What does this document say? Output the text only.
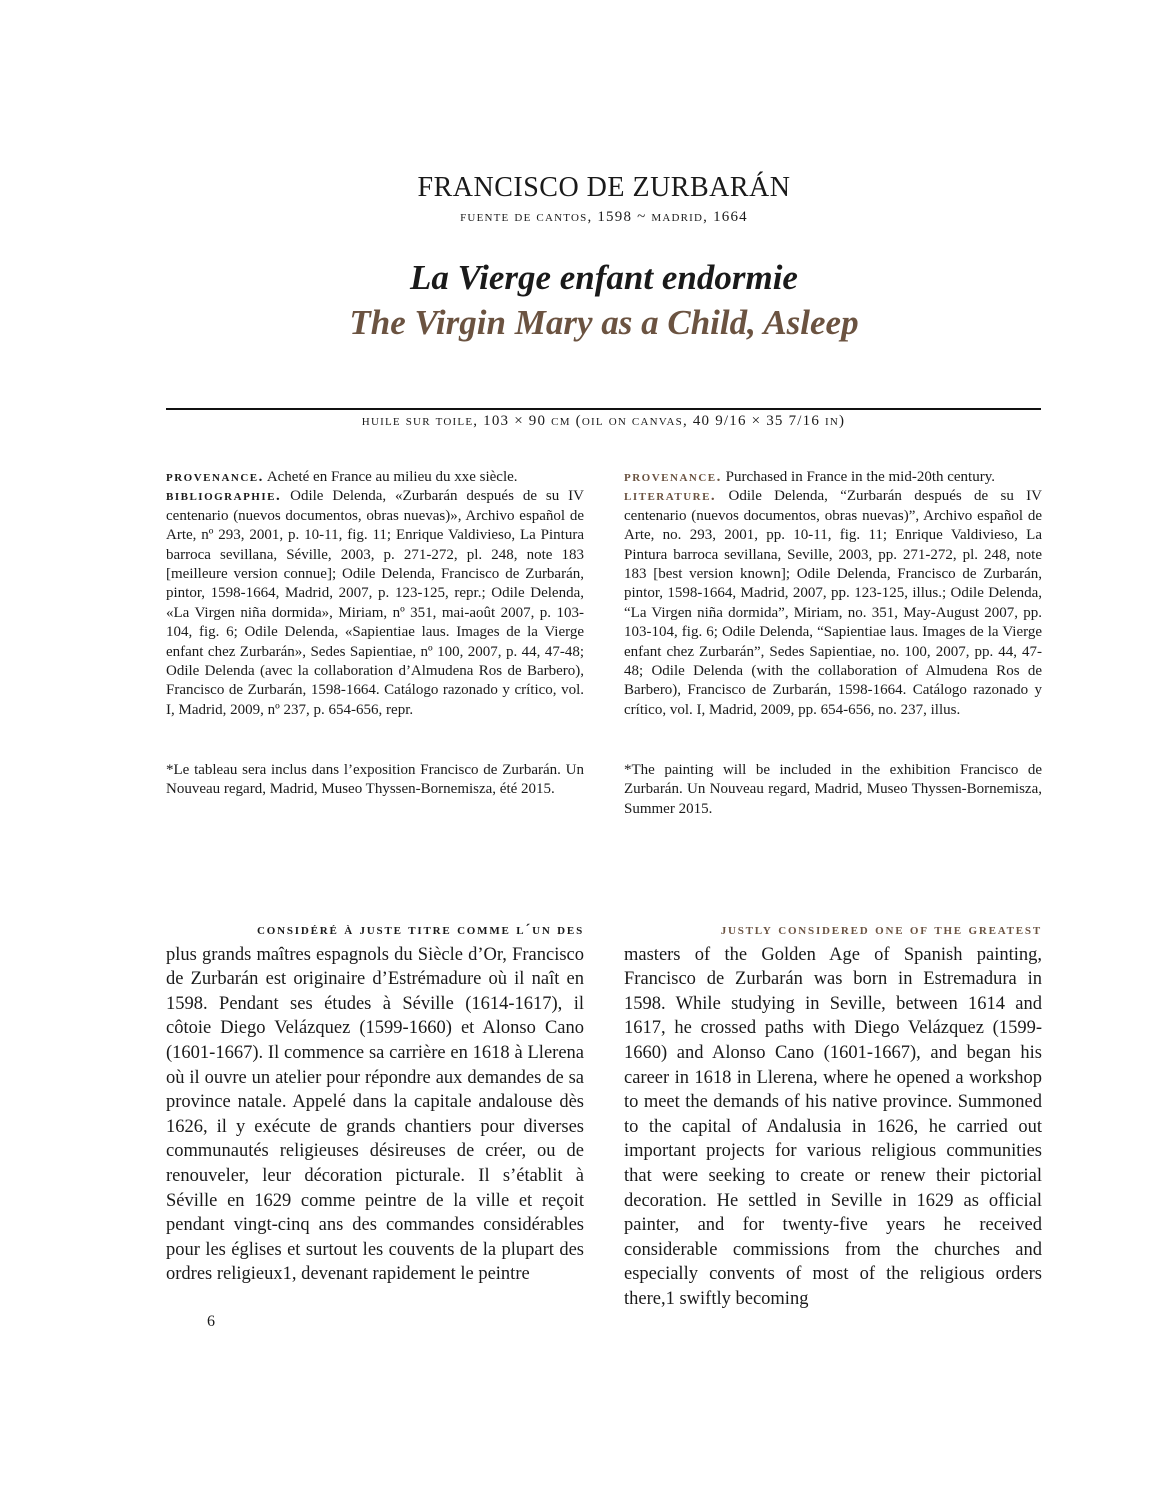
FRANCISCO DE ZURBARÁN
fuente de cantos, 1598 ~ madrid, 1664
La Vierge enfant endormie
The Virgin Mary as a Child, Asleep
huile sur toile, 103 × 90 cm (oil on canvas, 40 9/16 × 35 7/16 in)

provenance. Acheté en France au milieu du xxe siècle.

bibliographie. Odile Delenda, «Zurbarán después de su IV centenario (nuevos documentos, obras nuevas)», Archivo español de Arte, nº 293, 2001, p. 10-11, fig. 11; Enrique Valdivieso, La Pintura barroca sevillana, Séville, 2003, p. 271-272, pl. 248, note 183 [meilleure version connue]; Odile Delenda, Francisco de Zurbarán, pintor, 1598-1664, Madrid, 2007, p. 123-125, repr.; Odile Delenda, «La Virgen niña dormida», Miriam, nº 351, mai-août 2007, p. 103-104, fig. 6; Odile Delenda, «Sapientiae laus. Images de la Vierge enfant chez Zurbarán», Sedes Sapientiae, nº 100, 2007, p. 44, 47-48; Odile Delenda (avec la collaboration d’Almudena Ros de Barbero), Francisco de Zurbarán, 1598-1664. Catálogo razonado y crítico, vol. I, Madrid, 2009, nº 237, p. 654-656, repr.

provenance. Purchased in France in the mid-20th century.

literature. Odile Delenda, “Zurbarán después de su IV centenario (nuevos documentos, obras nuevas)”, Archivo español de Arte, no. 293, 2001, pp. 10-11, fig. 11; Enrique Valdivieso, La Pintura barroca sevillana, Seville, 2003, pp. 271-272, pl. 248, note 183 [best version known]; Odile Delenda, Francisco de Zurbarán, pintor, 1598-1664, Madrid, 2007, pp. 123-125, illus.; Odile Delenda, “La Virgen niña dormida”, Miriam, no. 351, May-August 2007, pp. 103-104, fig. 6; Odile Delenda, “Sapientiae laus. Images de la Vierge enfant chez Zurbarán”, Sedes Sapientiae, no. 100, 2007, pp. 44, 47-48; Odile Delenda (with the collaboration of Almudena Ros de Barbero), Francisco de Zurbarán, 1598-1664. Catálogo razonado y crítico, vol. I, Madrid, 2009, pp. 654-656, no. 237, illus.

*Le tableau sera inclus dans l’exposition Francisco de Zurbarán. Un Nouveau regard, Madrid, Museo Thyssen-Bornemisza, été 2015.
*The painting will be included in the exhibition Francisco de Zurbarán. Un Nouveau regard, Madrid, Museo Thyssen-Bornemisza, Summer 2015.
considéré à juste titre comme l´un des

plus grands maîtres espagnols du Siècle d’Or, Francisco de Zurbarán est originaire d’Estrémadure où il naît en 1598. Pendant ses études à Séville (1614-1617), il côtoie Diego Velázquez (1599-1660) et Alonso Cano (1601-1667). Il commence sa carrière en 1618 à Llerena où il ouvre un atelier pour répondre aux demandes de sa province natale. Appelé dans la capitale andalouse dès 1626, il y exécute de grands chantiers pour diverses communautés religieuses désireuses de créer, ou de renouveler, leur décoration picturale. Il s’établit à Séville en 1629 comme peintre de la ville et reçoit pendant vingt-cinq ans des commandes considérables pour les églises et surtout les couvents de la plupart des ordres religieux1, devenant rapidement le peintre

justly considered one of the greatest

masters of the Golden Age of Spanish painting, Francisco de Zurbarán was born in Estremadura in 1598. While studying in Seville, between 1614 and 1617, he crossed paths with Diego Velázquez (1599-1660) and Alonso Cano (1601-1667), and began his career in 1618 in Llerena, where he opened a workshop to meet the demands of his native province. Summoned to the capital of Andalusia in 1626, he carried out important projects for various religious communities that were seeking to create or renew their pictorial decoration. He settled in Seville in 1629 as official painter, and for twenty-five years he received considerable commissions from the churches and especially convents of most of the religious orders there,1 swiftly becoming

6
